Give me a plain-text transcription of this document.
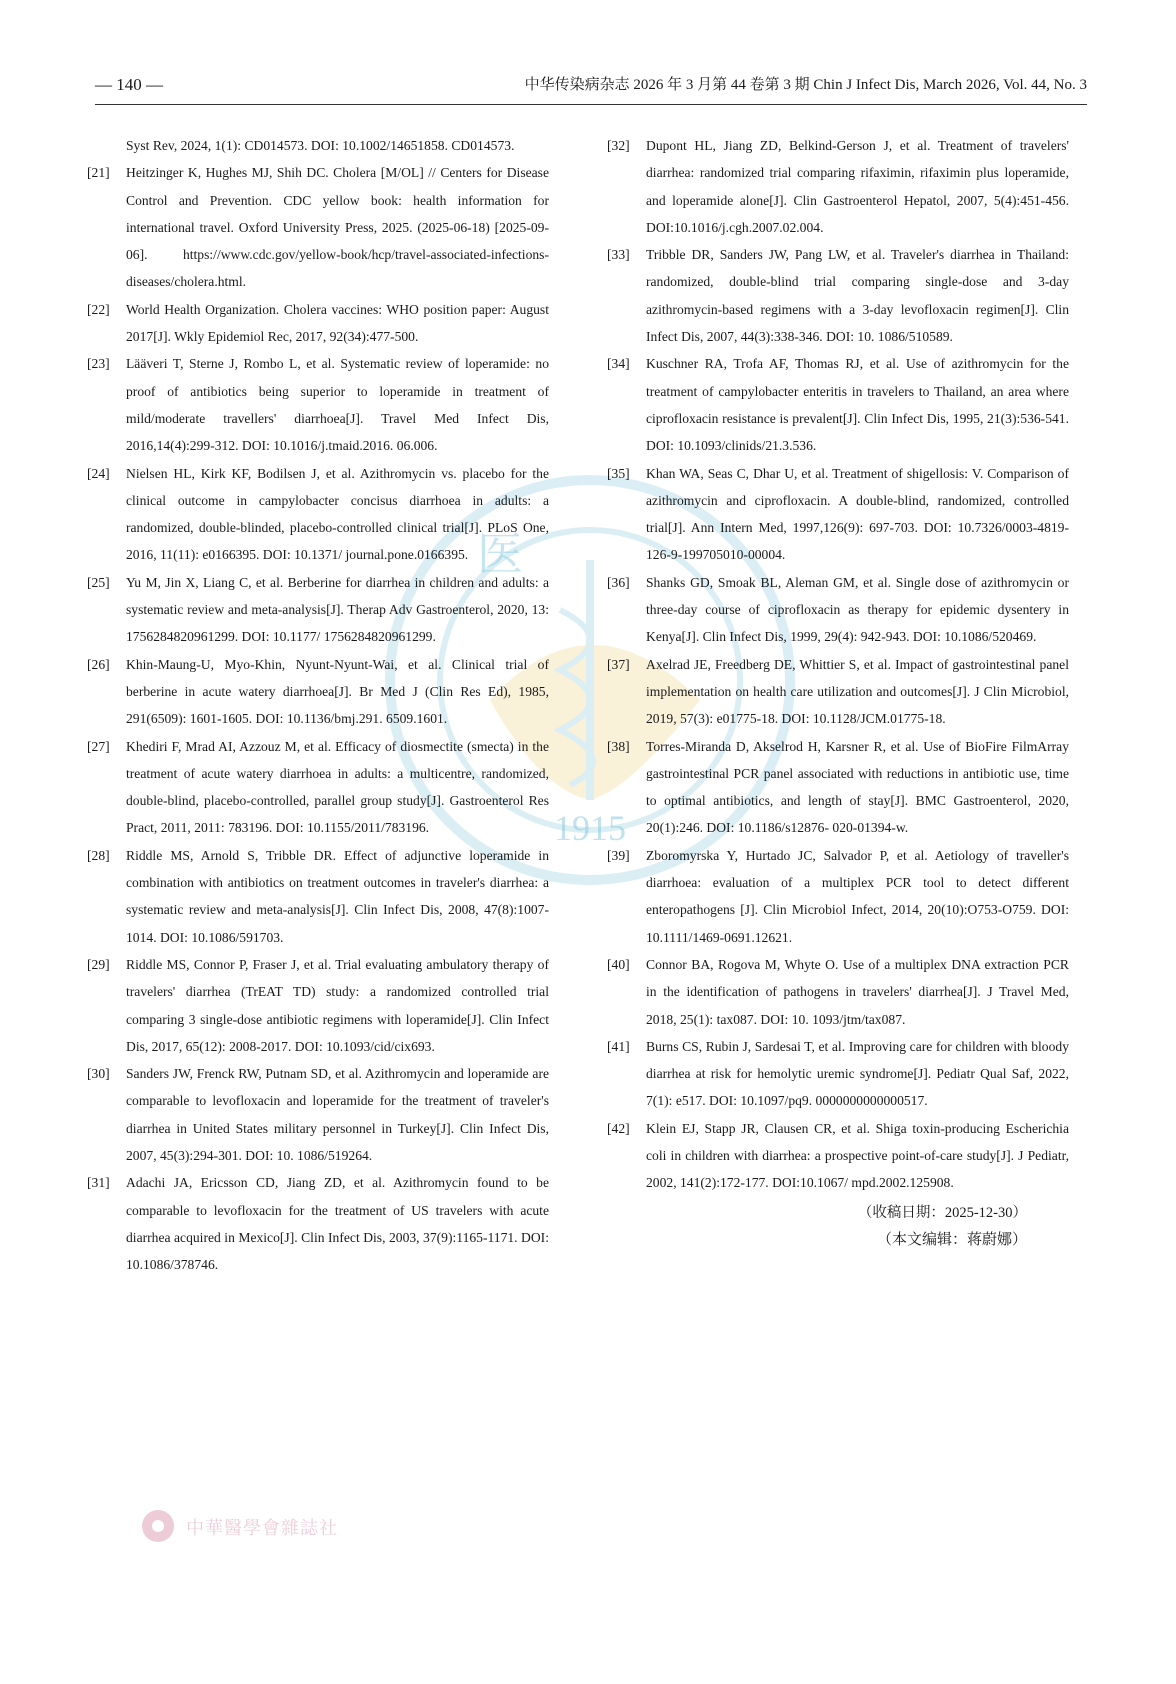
— 140 —	中华传染病杂志 2026 年 3 月第 44 卷第 3 期 Chin J Infect Dis, March 2026, Vol. 44, No. 3
1915
医
Syst Rev, 2024, 1(1): CD014573. DOI: 10.1002/14651858. CD014573.
[21] Heitzinger K, Hughes MJ, Shih DC. Cholera [M/OL] // Centers for Disease Control and Prevention. CDC yellow book: health information for international travel. Oxford University Press, 2025. (2025-06-18) [2025-09-06]. https://www.cdc.gov/yellow-book/hcp/travel-associated-infections-diseases/cholera.html.
[22] World Health Organization. Cholera vaccines: WHO position paper: August 2017[J]. Wkly Epidemiol Rec, 2017, 92(34):477-500.
[23] Lääveri T, Sterne J, Rombo L, et al. Systematic review of loperamide: no proof of antibiotics being superior to loperamide in treatment of mild/moderate travellers' diarrhoea[J]. Travel Med Infect Dis, 2016,14(4):299-312. DOI: 10.1016/j.tmaid.2016. 06.006.
[24] Nielsen HL, Kirk KF, Bodilsen J, et al. Azithromycin vs. placebo for the clinical outcome in campylobacter concisus diarrhoea in adults: a randomized, double-blinded, placebo-controlled clinical trial[J]. PLoS One, 2016, 11(11): e0166395. DOI: 10.1371/ journal.pone.0166395.
[25] Yu M, Jin X, Liang C, et al. Berberine for diarrhea in children and adults: a systematic review and meta-analysis[J]. Therap Adv Gastroenterol, 2020, 13: 1756284820961299. DOI: 10.1177/ 1756284820961299.
[26] Khin-Maung-U, Myo-Khin, Nyunt-Nyunt-Wai, et al. Clinical trial of berberine in acute watery diarrhoea[J]. Br Med J (Clin Res Ed), 1985, 291(6509): 1601-1605. DOI: 10.1136/bmj.291. 6509.1601.
[27] Khediri F, Mrad AI, Azzouz M, et al. Efficacy of diosmectite (smecta) in the treatment of acute watery diarrhoea in adults: a multicentre, randomized, double-blind, placebo-controlled, parallel group study[J]. Gastroenterol Res Pract, 2011, 2011: 783196. DOI: 10.1155/2011/783196.
[28] Riddle MS, Arnold S, Tribble DR. Effect of adjunctive loperamide in combination with antibiotics on treatment outcomes in traveler's diarrhea: a systematic review and meta-analysis[J]. Clin Infect Dis, 2008, 47(8):1007-1014. DOI: 10.1086/591703.
[29] Riddle MS, Connor P, Fraser J, et al. Trial evaluating ambulatory therapy of travelers' diarrhea (TrEAT TD) study: a randomized controlled trial comparing 3 single-dose antibiotic regimens with loperamide[J]. Clin Infect Dis, 2017, 65(12): 2008-2017. DOI: 10.1093/cid/cix693.
[30] Sanders JW, Frenck RW, Putnam SD, et al. Azithromycin and loperamide are comparable to levofloxacin and loperamide for the treatment of traveler's diarrhea in United States military personnel in Turkey[J]. Clin Infect Dis, 2007, 45(3):294-301. DOI: 10. 1086/519264.
[31] Adachi JA, Ericsson CD, Jiang ZD, et al. Azithromycin found to be comparable to levofloxacin for the treatment of US travelers with acute diarrhea acquired in Mexico[J]. Clin Infect Dis, 2003, 37(9):1165-1171. DOI: 10.1086/378746.
[32] Dupont HL, Jiang ZD, Belkind-Gerson J, et al. Treatment of travelers' diarrhea: randomized trial comparing rifaximin, rifaximin plus loperamide, and loperamide alone[J]. Clin Gastroenterol Hepatol, 2007, 5(4):451-456. DOI:10.1016/j.cgh.2007.02.004.
[33] Tribble DR, Sanders JW, Pang LW, et al. Traveler's diarrhea in Thailand: randomized, double-blind trial comparing single-dose and 3-day azithromycin-based regimens with a 3-day levofloxacin regimen[J]. Clin Infect Dis, 2007, 44(3):338-346. DOI: 10. 1086/510589.
[34] Kuschner RA, Trofa AF, Thomas RJ, et al. Use of azithromycin for the treatment of campylobacter enteritis in travelers to Thailand, an area where ciprofloxacin resistance is prevalent[J]. Clin Infect Dis, 1995, 21(3):536-541. DOI: 10.1093/clinids/21.3.536.
[35] Khan WA, Seas C, Dhar U, et al. Treatment of shigellosis: V. Comparison of azithromycin and ciprofloxacin. A double-blind, randomized, controlled trial[J]. Ann Intern Med, 1997,126(9): 697-703. DOI: 10.7326/0003-4819-126-9-199705010-00004.
[36] Shanks GD, Smoak BL, Aleman GM, et al. Single dose of azithromycin or three-day course of ciprofloxacin as therapy for epidemic dysentery in Kenya[J]. Clin Infect Dis, 1999, 29(4): 942-943. DOI: 10.1086/520469.
[37] Axelrad JE, Freedberg DE, Whittier S, et al. Impact of gastrointestinal panel implementation on health care utilization and outcomes[J]. J Clin Microbiol, 2019, 57(3): e01775-18. DOI: 10.1128/JCM.01775-18.
[38] Torres-Miranda D, Akselrod H, Karsner R, et al. Use of BioFire FilmArray gastrointestinal PCR panel associated with reductions in antibiotic use, time to optimal antibiotics, and length of stay[J]. BMC Gastroenterol, 2020, 20(1):246. DOI: 10.1186/s12876- 020-01394-w.
[39] Zboromyrska Y, Hurtado JC, Salvador P, et al. Aetiology of traveller's diarrhoea: evaluation of a multiplex PCR tool to detect different enteropathogens [J]. Clin Microbiol Infect, 2014, 20(10):O753-O759. DOI: 10.1111/1469-0691.12621.
[40] Connor BA, Rogova M, Whyte O. Use of a multiplex DNA extraction PCR in the identification of pathogens in travelers' diarrhea[J]. J Travel Med, 2018, 25(1): tax087. DOI: 10. 1093/jtm/tax087.
[41] Burns CS, Rubin J, Sardesai T, et al. Improving care for children with bloody diarrhea at risk for hemolytic uremic syndrome[J]. Pediatr Qual Saf, 2022, 7(1): e517. DOI: 10.1097/pq9. 0000000000000517.
[42] Klein EJ, Stapp JR, Clausen CR, et al. Shiga toxin-producing Escherichia coli in children with diarrhea: a prospective point-of-care study[J]. J Pediatr, 2002, 141(2):172-177. DOI:10.1067/ mpd.2002.125908.
（收稿日期：2025-12-30）
（本文编辑：蒋蔚娜）
中華醫學會雜誌社
